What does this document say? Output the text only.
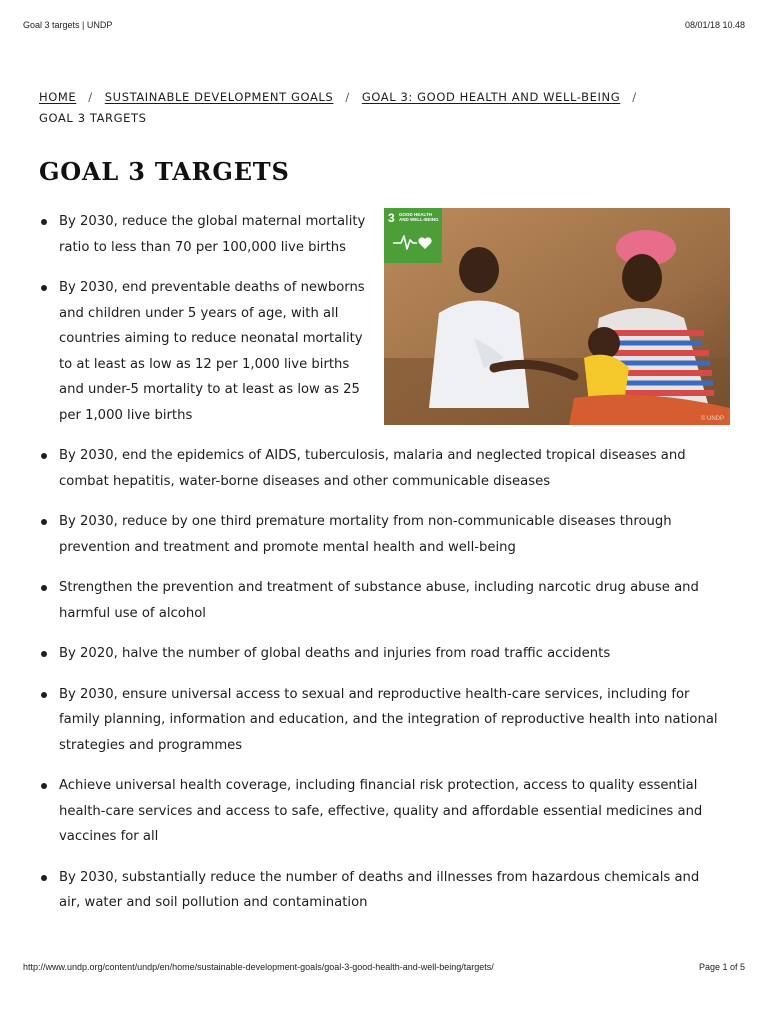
Goal 3 targets | UNDP	08/01/18 10.48
HOME / SUSTAINABLE DEVELOPMENT GOALS / GOAL 3: GOOD HEALTH AND WELL-BEING /
GOAL 3 TARGETS
GOAL 3 TARGETS
3 GOOD HEALTH AND WELL-BEING
© UNDP
By 2030, reduce the global maternal mortality ratio to less than 70 per 100,000 live births
By 2030, end preventable deaths of newborns and children under 5 years of age, with all countries aiming to reduce neonatal mortality to at least as low as 12 per 1,000 live births and under-5 mortality to at least as low as 25 per 1,000 live births
By 2030, end the epidemics of AIDS, tuberculosis, malaria and neglected tropical diseases and combat hepatitis, water-borne diseases and other communicable diseases
By 2030, reduce by one third premature mortality from non-communicable diseases through prevention and treatment and promote mental health and well-being
Strengthen the prevention and treatment of substance abuse, including narcotic drug abuse and harmful use of alcohol
By 2020, halve the number of global deaths and injuries from road traffic accidents
By 2030, ensure universal access to sexual and reproductive health-care services, including for family planning, information and education, and the integration of reproductive health into national strategies and programmes
Achieve universal health coverage, including financial risk protection, access to quality essential health-care services and access to safe, effective, quality and affordable essential medicines and vaccines for all
By 2030, substantially reduce the number of deaths and illnesses from hazardous chemicals and air, water and soil pollution and contamination
http://www.undp.org/content/undp/en/home/sustainable-development-goals/goal-3-good-health-and-well-being/targets/	Page 1 of 5
